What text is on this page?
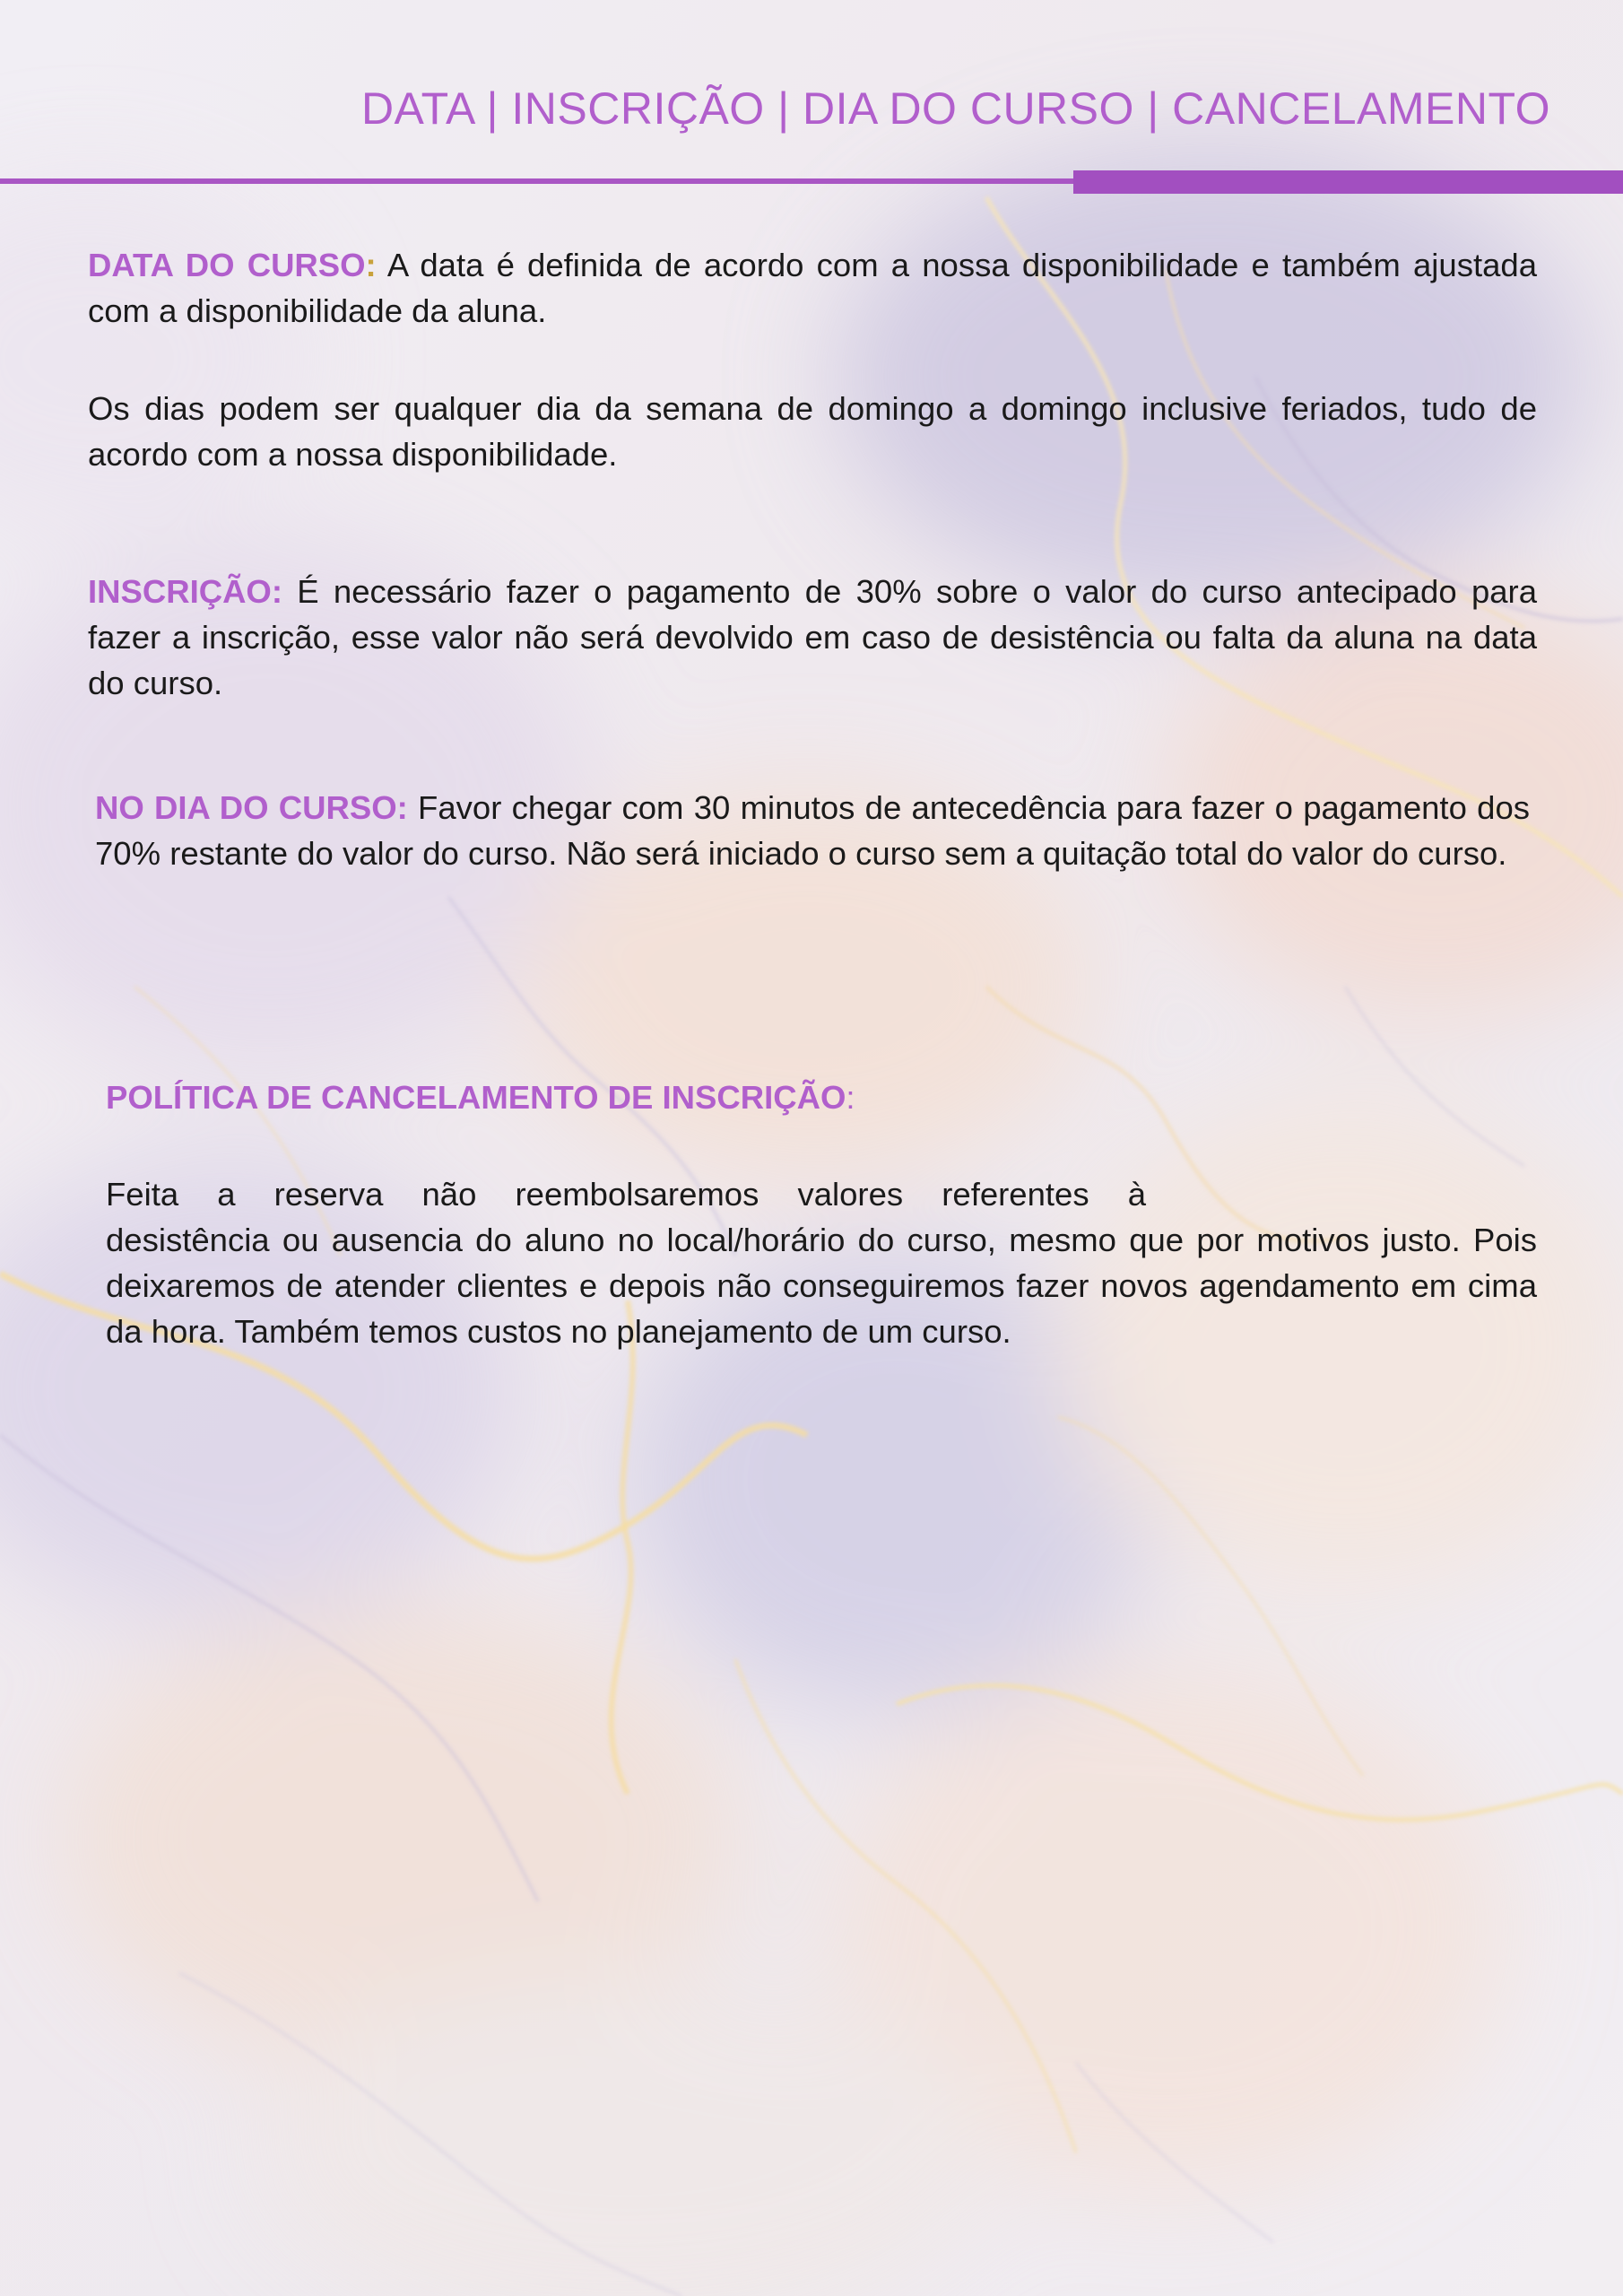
DATA | INSCRIÇÃO | DIA DO CURSO | CANCELAMENTO

DATA DO CURSO: A data é definida de acordo com a nossa disponibilidade e também ajustada com a disponibilidade da aluna.

Os dias podem ser qualquer dia da semana de domingo a domingo inclusive feriados, tudo de acordo com a nossa disponibilidade.

INSCRIÇÃO: É necessário fazer o pagamento de 30% sobre o valor do curso antecipado para fazer a inscrição, esse valor não será devolvido em caso de desistência ou falta da aluna na data do curso.

NO DIA DO CURSO: Favor chegar com 30 minutos de antecedência para fazer o pagamento dos 70% restante do valor do curso. Não será iniciado o curso sem a quitação total do valor do curso.

POLÍTICA DE CANCELAMENTO DE INSCRIÇÃO:

Feita a reserva não reembolsaremos valores referentes à
desistência ou ausencia do aluno no local/horário do curso, mesmo que por motivos justo. Pois deixaremos de atender clientes e depois não conseguiremos fazer novos agendamento em cima da hora. Também temos custos no planejamento de um curso.
